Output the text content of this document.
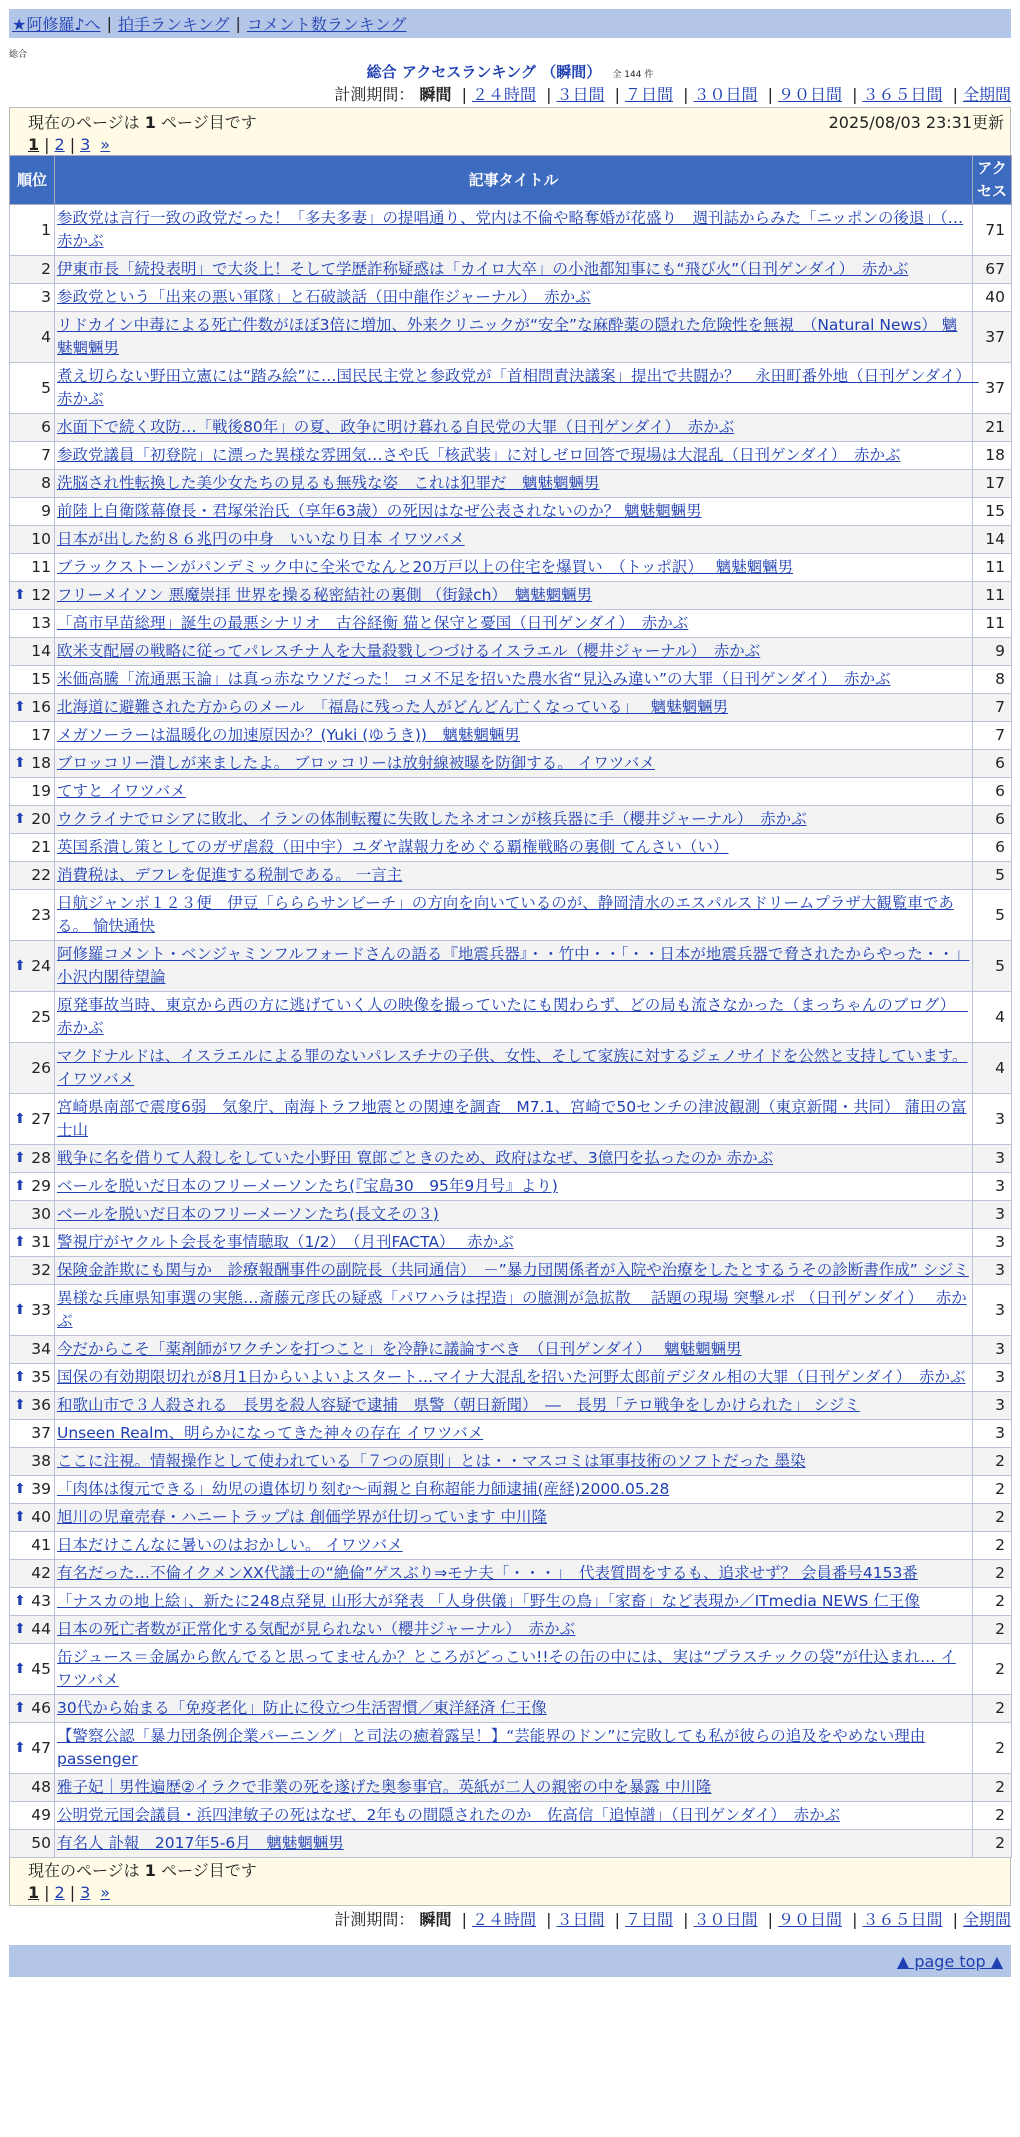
★阿修羅♪へ | 拍手ランキング | コメント数ランキング
総合
総合 アクセスランキング （瞬間） 全 144 件
計測期間： 瞬間 | ２４時間 | ３日間 | ７日間 | ３０日間 | ９０日間 | ３６５日間 | 全期間
現在のページは 1 ページ目です	2025/08/03 23:31更新
1 | 2 | 3 »
順位	記事タイトル	アクセス
1	参政党は言行一致の政党だった！「多夫多妻」の提唱通り、党内は不倫や略奪婚が花盛り　週刊誌からみた「ニッポンの後退」（… 赤かぶ	71
2	伊東市長「続投表明」で大炎上！そして学歴詐称疑惑は「カイロ大卒」の小池都知事にも“飛び火”（日刊ゲンダイ）　赤かぶ	67
3	参政党という「出来の悪い軍隊」と石破談話（田中龍作ジャーナル）　赤かぶ	40
4	リドカイン中毒による死亡件数がほぼ3倍に増加、外来クリニックが“安全”な麻酔薬の隠れた危険性を無視　（Natural News） 魑魅魍魎男	37
5	煮え切らない野田立憲には“踏み絵”に…国民民主党と参政党が「首相問責決議案」提出で共闘か？　永田町番外地（日刊ゲンダイ）　赤かぶ	37
6	水面下で続く攻防…「戦後80年」の夏、政争に明け暮れる自民党の大罪（日刊ゲンダイ）　赤かぶ	21
7	参政党議員「初登院」に漂った異様な雰囲気…さや氏「核武装」に対しゼロ回答で現場は大混乱（日刊ゲンダイ）　赤かぶ	18
8	洗脳され性転換した美少女たちの見るも無残な姿　これは犯罪だ　魑魅魍魎男	17
9	前陸上自衛隊幕僚長・君塚栄治氏（享年63歳）の死因はなぜ公表されないのか？ 魑魅魍魎男	15
10	日本が出した約８６兆円の中身　いいなり日本 イワツバメ	14
11	ブラックストーンがパンデミック中に全米でなんと20万戸以上の住宅を爆買い　（トッポ訳）　 魑魅魍魎男	11

⬆ 12	フリーメイソン 悪魔崇拝 世界を操る秘密結社の裏側 （街録ch）　魑魅魍魎男	11
13	「高市早苗総理」誕生の最悪シナリオ　古谷経衡 猫と保守と憂国（日刊ゲンダイ）　赤かぶ	11
14	欧米支配層の戦略に従ってパレスチナ人を大量殺戮しつづけるイスラエル（櫻井ジャーナル）　赤かぶ	9
15	米価高騰「流通悪玉論」は真っ赤なウソだった！ コメ不足を招いた農水省“見込み違い”の大罪（日刊ゲンダイ）　赤かぶ	8

⬆ 16	北海道に避難された方からのメール　「福島に残った人がどんどん亡くなっている」　 魑魅魍魎男	7
17	メガソーラーは温暖化の加速原因か？(Yuki (ゆうき))　魑魅魍魎男	7

⬆ 18	ブロッコリー潰しが来ましたよ。 ブロッコリーは放射線被曝を防御する。 イワツバメ	6
19	てすと イワツバメ	6

⬆ 20	ウクライナでロシアに敗北、イランの体制転覆に失敗したネオコンが核兵器に手（櫻井ジャーナル）　赤かぶ	6
21	英国系潰し策としてのガザ虐殺（田中宇）ユダヤ謀報力をめぐる覇権戦略の裏側 てんさい（い）	6
22	消費税は、デフレを促進する税制である。 一言主	5
23	日航ジャンボ１２３便　伊豆「らららサンビーチ」の方向を向いているのが、静岡清水のエスパルスドリームプラザ大観覧車である。 愉快通快	5

⬆ 24	阿修羅コメント・ベンジャミンフルフォードさんの語る『地震兵器』・・竹中・・「・・日本が地震兵器で脅されたからやった・・」 小沢内閣待望論	5
25	原発事故当時、東京から西の方に逃げていく人の映像を撮っていたにも関わらず、どの局も流さなかった（まっちゃんのブログ）　 赤かぶ	4
26	マクドナルドは、イスラエルによる罪のないパレスチナの子供、女性、そして家族に対するジェノサイドを公然と支持しています。 イワツバメ	4

⬆ 27	宮崎県南部で震度6弱　気象庁、南海トラフ地震との関連を調査　M7.1、宮崎で50センチの津波観測（東京新聞・共同） 蒲田の富士山	3

⬆ 28	戦争に名を借りて人殺しをしていた小野田 寛郎ごときのため、政府はなぜ、3億円を払ったのか 赤かぶ	3

⬆ 29	ベールを脱いだ日本のフリーメーソンたち(『宝島30　95年9月号』より)	3
30	ベールを脱いだ日本のフリーメーソンたち(長文その３)	3

⬆ 31	警視庁がヤクルト会長を事情聴取（1/2）　（月刊FACTA）　 赤かぶ	3
32	保険金詐欺にも関与か　診療報酬事件の副院長（共同通信）　－”暴力団関係者が入院や治療をしたとするうその診断書作成” シジミ	3

⬆ 33	異様な兵庫県知事選の実態…斎藤元彦氏の疑惑「パワハラは捏造」の臆測が急拡散　 話題の現場 突撃ルポ （日刊ゲンダイ）　 赤かぶ	3
34	今だからこそ「薬剤師がワクチンを打つこと」を冷静に議論すべき　（日刊ゲンダイ）　 魑魅魍魎男	3

⬆ 35	国保の有効期限切れが8月1日からいよいよスタート…マイナ大混乱を招いた河野太郎前デジタル相の大罪（日刊ゲンダイ）　赤かぶ	3

⬆ 36	和歌山市で３人殺される　長男を殺人容疑で逮捕　県警（朝日新聞）　―　長男「テロ戦争をしかけられた」 シジミ	3
37	Unseen Realm、明らかになってきた神々の存在 イワツバメ	3
38	ここに注視。情報操作として使われている「７つの原則」とは・・マスコミは軍事技術のソフトだった 墨染	2

⬆ 39	「肉体は復元できる」幼児の遺体切り刻む～両親と自称超能力師逮捕(産経)2000.05.28	2

⬆ 40	旭川の児童売春・ハニートラップは 創価学界が仕切っています 中川隆	2
41	日本だけこんなに暑いのはおかしい。 イワツバメ	2
42	有名だった…不倫イクメンXX代議士の“絶倫”ゲスぶり⇒モナ夫「・・・」　代表質問をするも、追求せず？ 会員番号4153番	2

⬆ 43	「ナスカの地上絵」、新たに248点発見 山形大が発表 「人身供儀」「野生の鳥」「家畜」など表現か／ITmedia NEWS 仁王像	2

⬆ 44	日本の死亡者数が正常化する気配が見られない（櫻井ジャーナル）　赤かぶ	2

⬆ 45	缶ジュース＝金属から飲んでると思ってませんか？ところがどっこい!!その缶の中には、実は“プラスチックの袋”が仕込まれ… イワツバメ	2

⬆ 46	30代から始まる「免疫老化」防止に役立つ生活習慣／東洋経済 仁王像	2

⬆ 47	【警察公認「暴力団条例企業パーニング」と司法の癒着露呈！】“芸能界のドン”に完敗しても私が彼らの追及をやめない理由 passenger	2
48	雅子妃｜男性遍歴②イラクで非業の死を遂げた奥参事官。英紙が二人の親密の中を暴露 中川隆	2
49	公明党元国会議員・浜四津敏子の死はなぜ、2年もの間隠されたのか　佐高信「追悼譜」（日刊ゲンダイ）　赤かぶ	2
50	有名人 訃報　2017年5-6月　魑魅魍魎男	2
現在のページは 1 ページ目です
1 | 2 | 3 »
計測期間： 瞬間 | ２４時間 | ３日間 | ７日間 | ３０日間 | ９０日間 | ３６５日間 | 全期間
▲ page top ▲
